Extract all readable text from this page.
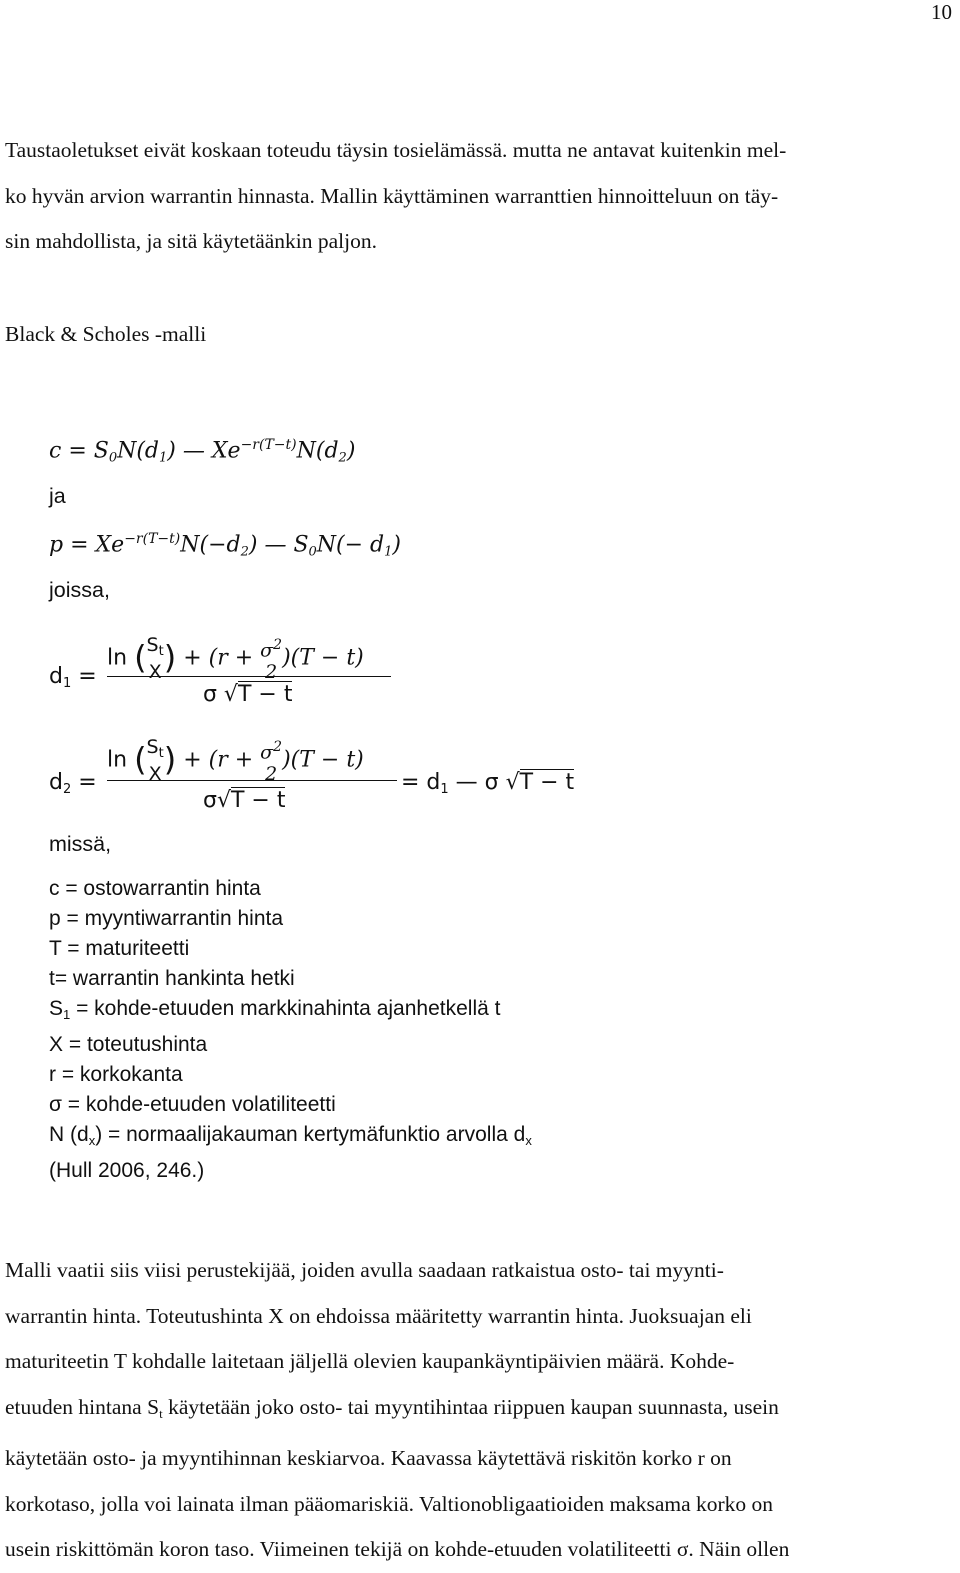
10
Taustaoletukset eivät koskaan toteudu täysin tosielämässä. mutta ne antavat kuitenkin mel-
ko hyvän arvion warrantin hinnasta. Mallin käyttäminen warranttien hinnoitteluun on täy-
sin mahdollista, ja sitä käytetäänkin paljon.
Black & Scholes -malli
$c = S_0N(d_1)$ — $Xe^{-r(T-t)}N(d_2)$
ja
$p = Xe^{-r(T-t)}N(-d_2)$ — $S_0N(- d_1)$
joissa,
$d_1$ =
$\ln (S_t$
$X) + (r + \sigma^2$
2)(T − t)
σ √T − t
$d_2$ =
$\ln (S_t$
$X) + (r + \sigma^2$
2)(T − t)
σ√T − t
= $d_1$ — σ √T − t
missä,
c = ostowarrantin hinta
p = myyntiwarrantin hinta
T = maturiteetti
t= warrantin hankinta hetki
$S_1$ = kohde-etuuden markkinahinta ajanhetkellä t
X = toteutushinta
r = korkokanta
σ = kohde-etuuden volatiliteetti
N $(d_x)$ = normaalijakauman kertymäfunktio arvolla $d_x$
(Hull 2006, 246.)
Malli vaatii siis viisi perustekijää, joiden avulla saadaan ratkaistua osto- tai myynti-
warrantin hinta. Toteutushinta X on ehdoissa määritetty warrantin hinta. Juoksuajan eli
maturiteetin T kohdalle laitetaan jäljellä olevien kaupankäyntipäivien määrä. Kohde-
etuuden hintana $S_t$ käytetään joko osto- tai myyntihintaa riippuen kaupan suunnasta, usein
käytetään osto- ja myyntihinnan keskiarvoa. Kaavassa käytettävä riskitön korko r on
korkotaso, jolla voi lainata ilman pääomariskiä. Valtionobligaatioiden maksama korko on
usein riskittömän koron taso. Viimeinen tekijä on kohde-etuuden volatiliteetti σ. Näin ollen
